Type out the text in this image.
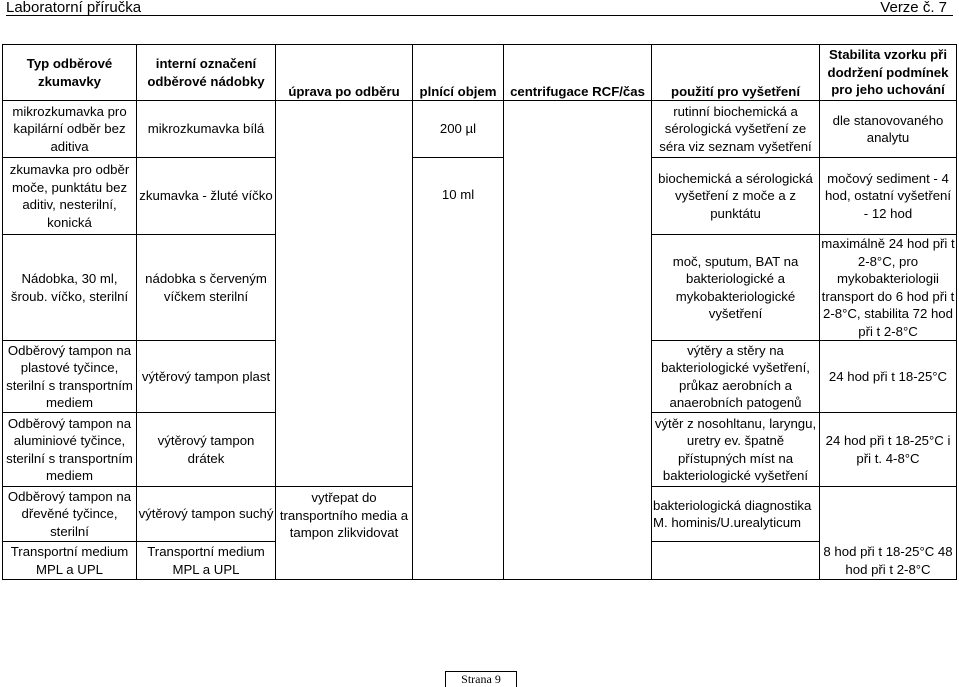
Laboratorní příručka	Verze č. 7
Typ odběrové zkumavky	interní označení odběrové nádobky	úprava po odběru	plnící objem	centrifugace RCF/čas	použití pro vyšetření	Stabilita vzorku při dodržení podmínek pro jeho uchování
mikrozkumavka pro kapilární odběr bez aditiva	mikrozkumavka bílá		200 µl		rutinní biochemická a sérologická vyšetření ze séra viz seznam vyšetření	dle stanovovaného analytu
zkumavka pro odběr moče, punktátu bez aditiv, nesterilní, konická	zkumavka - žluté víčko		10 ml		biochemická a sérologická vyšetření z moče a z punktátu	močový sediment - 4 hod, ostatní vyšetření - 12 hod
Nádobka, 30 ml, šroub. víčko, sterilní	nádobka s červeným víčkem sterilní				moč, sputum, BAT na bakteriologické a mykobakteriologické vyšetření	maximálně 24 hod při t 2-8°C, pro mykobakteriologii transport do 6 hod při t 2-8°C, stabilita 72 hod při t 2-8°C
Odběrový tampon na plastové tyčince, sterilní s transportním mediem	výtěrový tampon plast				výtěry a stěry na bakteriologické vyšetření, průkaz aerobních a anaerobních patogenů	24 hod při t 18-25°C
Odběrový tampon na aluminiové tyčince, sterilní s transportním mediem	výtěrový tampon drátek				výtěr z nosohltanu, laryngu, uretry ev. špatně přístupných míst na bakteriologické vyšetření	24 hod při t 18-25°C i při t. 4-8°C
Odběrový tampon na dřevěné tyčince, sterilní	výtěrový tampon suchý	vytřepat do transportního media a tampon zlikvidovat			bakteriologická diagnostika M. hominis/U.urealyticum	8 hod při t 18-25°C 48 hod při t 2-8°C
Transportní medium MPL a UPL	Transportní medium MPL a UPL					
Strana 9
